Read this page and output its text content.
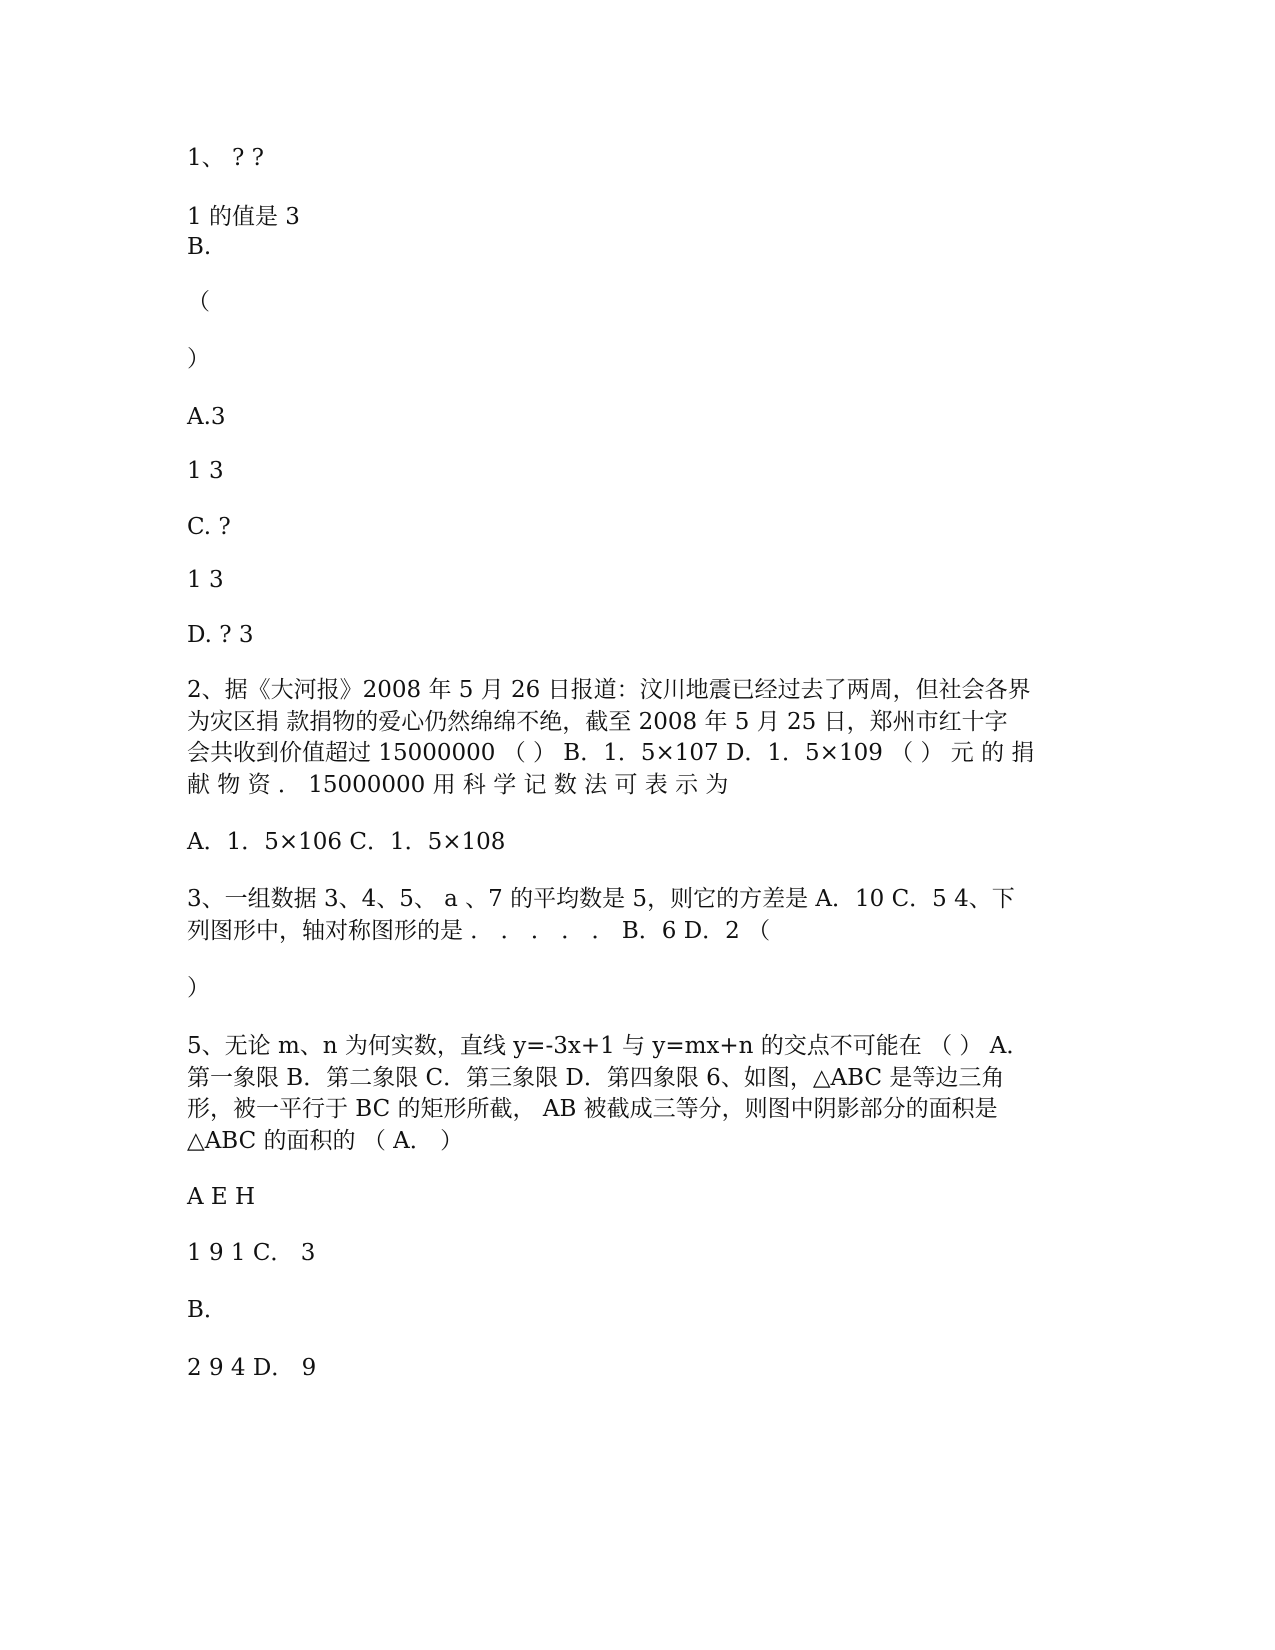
1、 ? ?

1 的值是 3

B.

（

）

A.3

1 3

C. ?

1 3

D. ? 3

2、据《大河报》2008 年 5 月 26 日报道：汶川地震已经过去了两周，但社会各界
为灾区捐 款捐物的爱心仍然绵绵不绝，截至 2008 年 5 月 25 日，郑州市红十字
会共收到价值超过 15000000 （ ） B．1．5×107 D．1．5×109 （ ） 元 的 捐
献 物 资 ． 15000000 用 科 学 记 数 法 可 表 示 为

A．1．5×106 C．1．5×108

3、一组数据 3、4、5、 a 、7 的平均数是 5，则它的方差是 A．10 C．5 4、下
列图形中，轴对称图形的是 ． ． ． ． ． B．6 D．2 （

）

5、无论 m、n 为何实数，直线 y=-3x+1 与 y=mx+n 的交点不可能在 （ ） A．
第一象限 B．第二象限 C．第三象限 D．第四象限 6、如图，△ABC 是等边三角
形，被一平行于 BC 的矩形所截， AB 被截成三等分，则图中阴影部分的面积是
△ABC 的面积的 （ A． ）

A E H

1 9 1 C． 3

B．

2 9 4 D． 9
